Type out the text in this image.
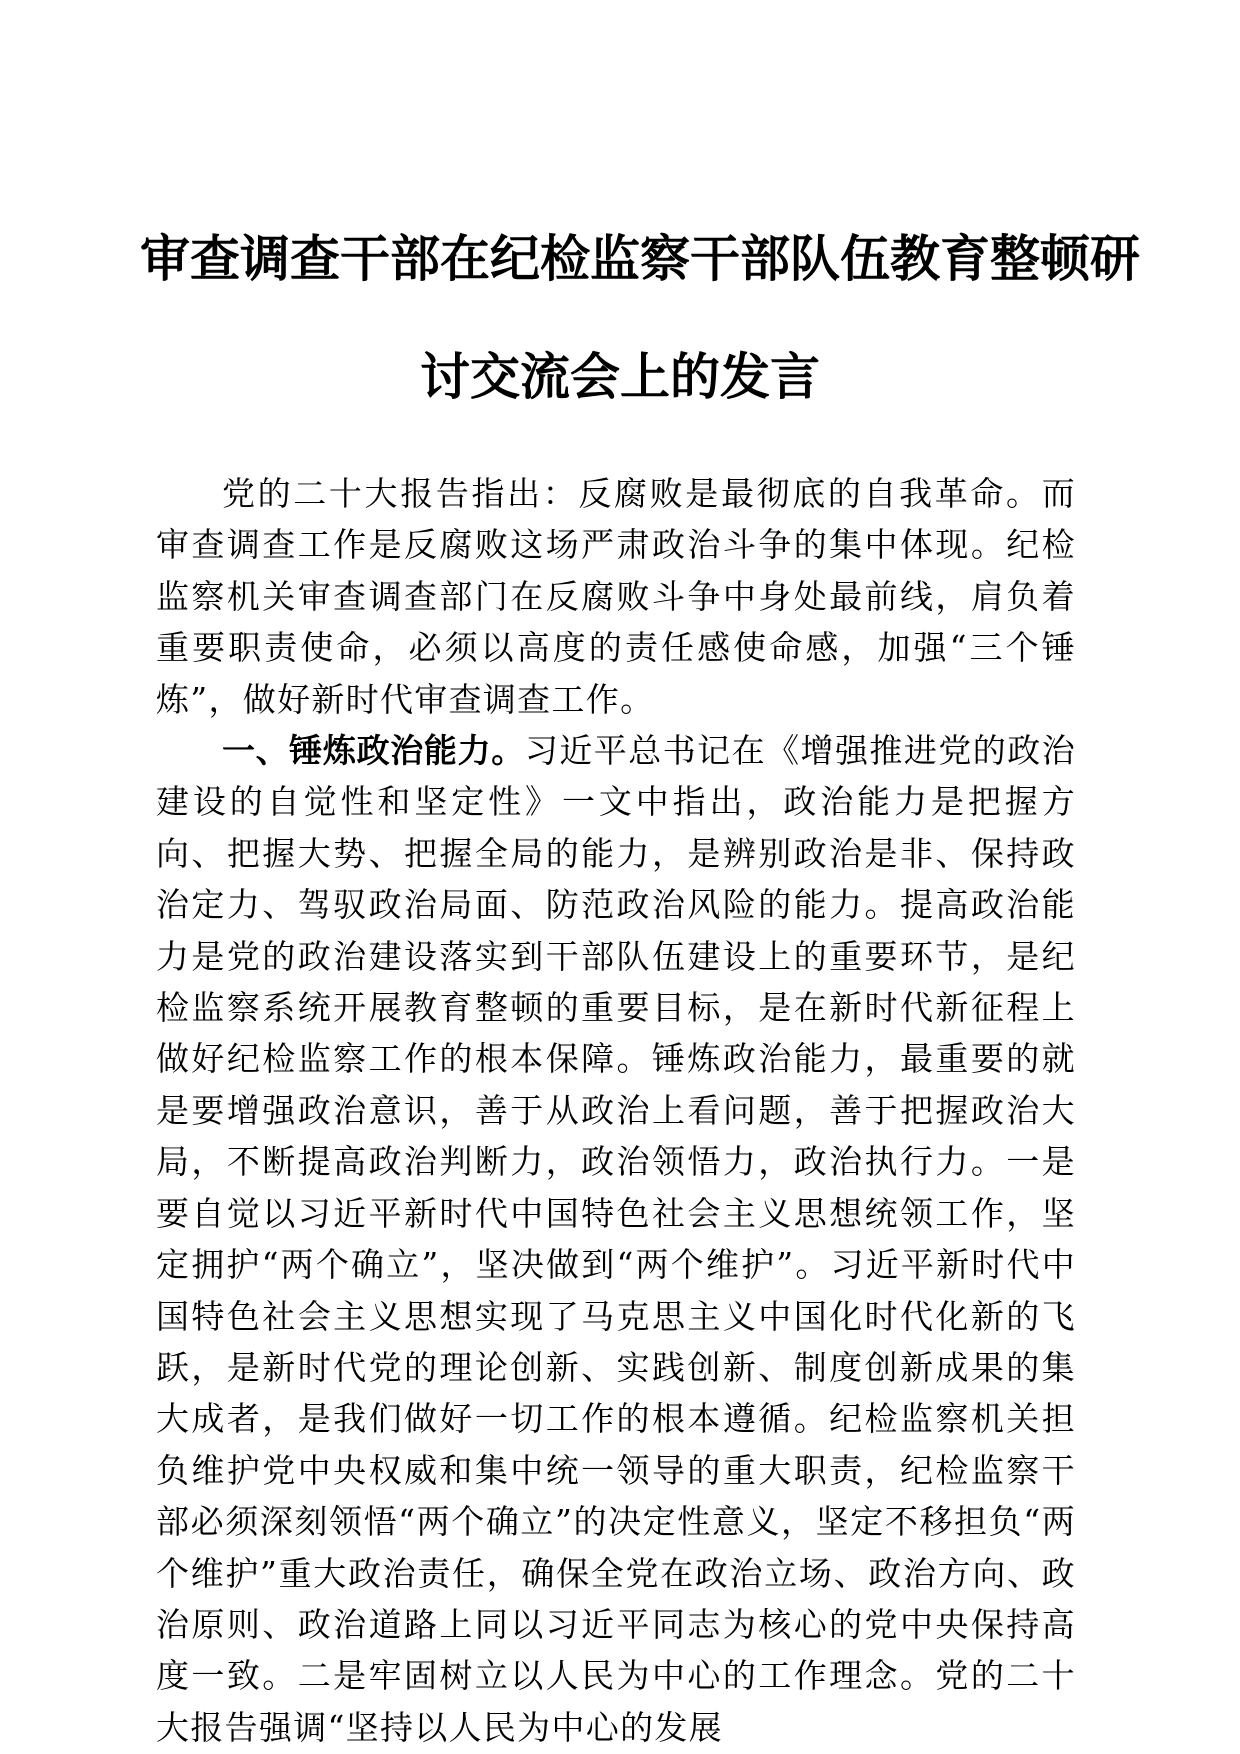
审查调查干部在纪检监察干部队伍教育整顿研
讨交流会上的发言

党的二十大报告指出：反腐败是最彻底的自我革命。而审查调查工作是反腐败这场严肃政治斗争的集中体现。纪检监察机关审查调查部门在反腐败斗争中身处最前线，肩负着重要职责使命，必须以高度的责任感使命感，加强“三个锤炼”，做好新时代审查调查工作。

一、锤炼政治能力。习近平总书记在《增强推进党的政治建设的自觉性和坚定性》一文中指出，政治能力是把握方向、把握大势、把握全局的能力，是辨别政治是非、保持政治定力、驾驭政治局面、防范政治风险的能力。提高政治能力是党的政治建设落实到干部队伍建设上的重要环节，是纪检监察系统开展教育整顿的重要目标，是在新时代新征程上做好纪检监察工作的根本保障。锤炼政治能力，最重要的就是要增强政治意识，善于从政治上看问题，善于把握政治大局，不断提高政治判断力，政治领悟力，政治执行力。一是要自觉以习近平新时代中国特色社会主义思想统领工作，坚定拥护“两个确立”，坚决做到“两个维护”。习近平新时代中国特色社会主义思想实现了马克思主义中国化时代化新的飞跃，是新时代党的理论创新、实践创新、制度创新成果的集大成者，是我们做好一切工作的根本遵循。纪检监察机关担负维护党中央权威和集中统一领导的重大职责，纪检监察干部必须深刻领悟“两个确立”的决定性意义，坚定不移担负“两个维护”重大政治责任，确保全党在政治立场、政治方向、政治原则、政治道路上同以习近平同志为核心的党中央保持高度一致。二是牢固树立以人民为中心的工作理念。党的二十大报告强调“坚持以人民为中心的发展
